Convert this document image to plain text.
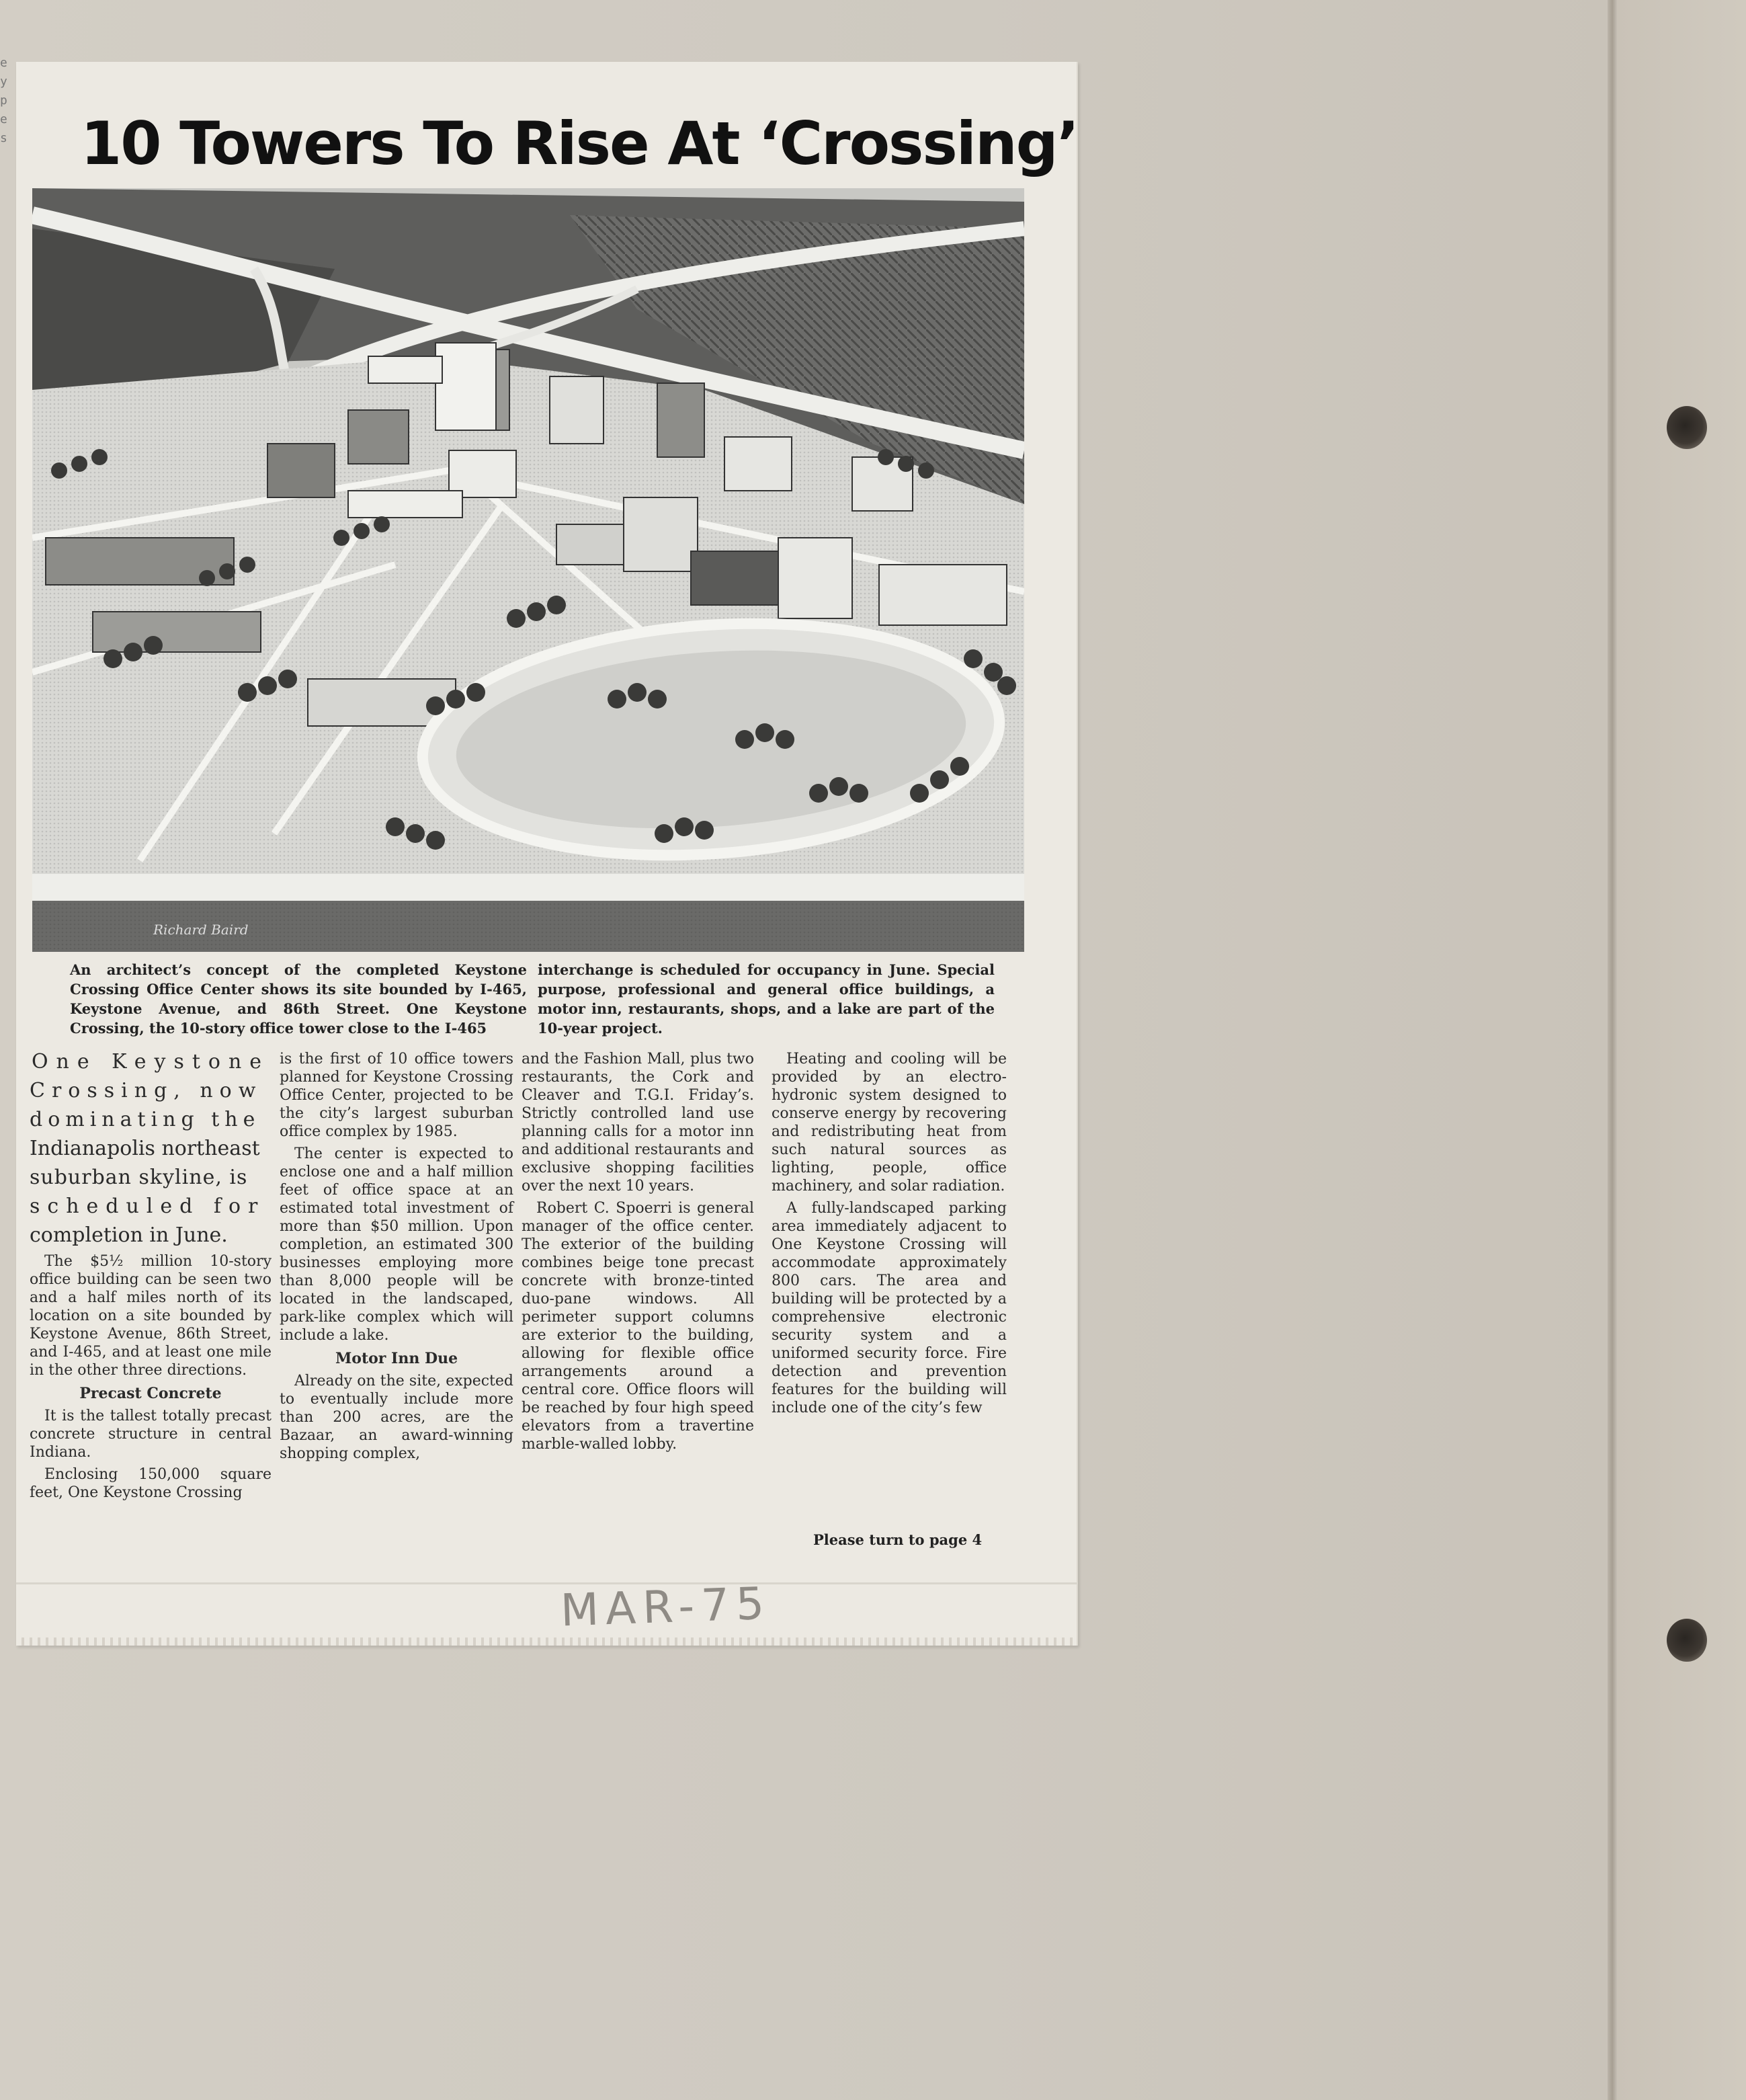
e y p e s 10 Towers To Rise At ‘Crossing’
Richard Baird
An architect’s concept of the completed Keystone Crossing Office Center shows its site bounded by I-465, Keystone Avenue, and 86th Street. One Keystone Crossing, the 10-story office tower close to the I-465
interchange is scheduled for occupancy in June. Special purpose, professional and general office buildings, a motor inn, restaurants, shops, and a lake are part of the 10-year project.

One Keystone

Crossing, now

dominating the

Indianapolis northeast

suburban skyline, is

scheduled for

completion in June.

The $5½ million 10-story office building can be seen two and a half miles north of its location on a site bounded by Keystone Avenue, 86th Street, and I-465, and at least one mile in the other three directions.

Precast Concrete

It is the tallest totally precast concrete structure in central Indiana.

Enclosing 150,000 square feet, One Keystone Crossing

is the first of 10 office towers planned for Keystone Crossing Office Center, projected to be the city’s largest suburban office complex by 1985.

The center is expected to enclose one and a half million feet of office space at an estimated total investment of more than $50 million. Upon completion, an estimated 300 businesses employing more than 8,000 people will be located in the landscaped, park-like complex which will include a lake.

Motor Inn Due

Already on the site, expected to eventually include more than 200 acres, are the Bazaar, an award-winning shopping complex,

and the Fashion Mall, plus two restaurants, the Cork and Cleaver and T.G.I. Friday’s. Strictly controlled land use planning calls for a motor inn and additional restaurants and exclusive shopping facilities over the next 10 years.

Robert C. Spoerri is general manager of the office center. The exterior of the building combines beige tone precast concrete with bronze-tinted duo-pane windows. All perimeter support columns are exterior to the building, allowing for flexible office arrangements around a central core. Office floors will be reached by four high speed elevators from a travertine marble-walled lobby.

Heating and cooling will be provided by an electro-hydronic system designed to conserve energy by recovering and redistributing heat from such natural sources as lighting, people, office machinery, and solar radiation.

A fully-landscaped parking area immediately adjacent to One Keystone Crossing will accommodate approximately 800 cars. The area and building will be protected by a comprehensive electronic security system and a uniformed security force. Fire detection and prevention features for the building will include one of the city’s few

Please turn to page 4
MAR-75
